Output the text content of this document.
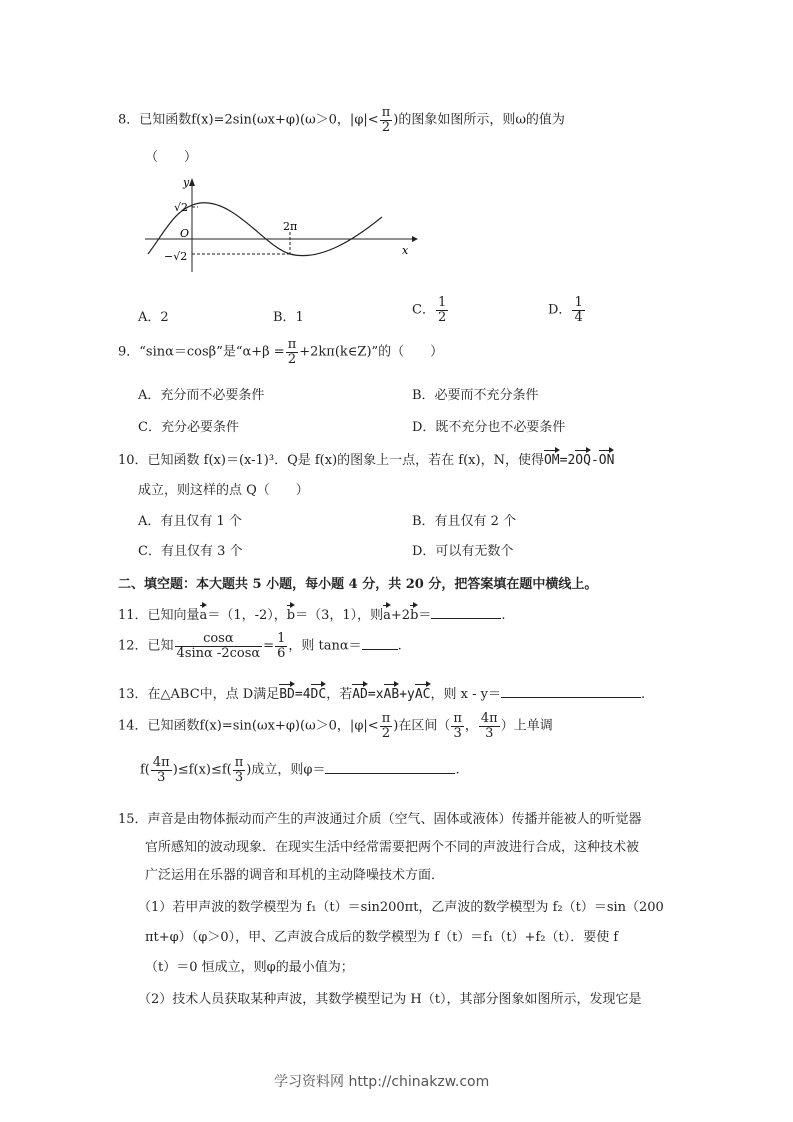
8．已知函数f(x)=2sin(ωx+φ)(ω＞0，$|\varphi|< \frac{\pi}{2}$ )的图象如图所示，则ω的值为
（　　）
y
x
O
√2
−√2
2π
A．2	B．1	C． $\frac{1}{2}$	D． $\frac{1}{4}$
9．“sinα＝cosβ”是“$\alpha+\beta = \frac{\pi}{2}$ +2kπ(k∈Z)”的（　　）
A．充分而不必要条件	B．必要而不充分条件
C．充分必要条件	D．既不充分也不必要条件
10．已知函数 f(x)＝(x-1)³．Q是 f(x)的图象上一点，若在 f(x)，N，使得OM=2OQ-ON
成立，则这样的点 Q（　　）
A．有且仅有 1 个	B．有且仅有 2 个
C．有且仅有 3 个	D．可以有无数个
二、填空题：本大题共 5 小题，每小题 4 分，共 20 分，把答案填在题中横线上。
11．已知向量a＝（1，-2），b＝（3，1），则a+2b＝	.
12．已知 $\frac{\cos\alpha}{4\sin\alpha -2\cos\alpha} = \frac{1}{6}$ ，则 tanα＝	.
13．在△ABC中，点 D满足BD=4DC，若AD=xAB+yAC，则 x - y＝	.
14．已知函数f(x)=sin(ωx+φ)(ω＞0，$|\varphi|< \frac{\pi}{2}$ )在区间（ $\frac{\pi}{3}$ ， $\frac{4\pi}{3}$ ）上单调
$f( \frac{4\pi}{3} )\le f(x)\le f( \frac{\pi}{3}$ )成立，则φ＝	.
15．声音是由物体振动而产生的声波通过介质（空气、固体或液体）传播并能被人的听觉器
官所感知的波动现象．在现实生活中经常需要把两个不同的声波进行合成，这种技术被
广泛运用在乐器的调音和耳机的主动降噪技术方面．
（1）若甲声波的数学模型为 f₁（t）＝sin200πt，乙声波的数学模型为 f₂（t）＝sin（200
πt+φ）（φ＞0），甲、乙声波合成后的数学模型为 f（t）＝f₁（t）+f₂（t）．要使 f
（t）＝0 恒成立，则φ的最小值为；
（2）技术人员获取某种声波，其数学模型记为 H（t），其部分图象如图所示，发现它是
学习资料网 http://chinakzw.com
